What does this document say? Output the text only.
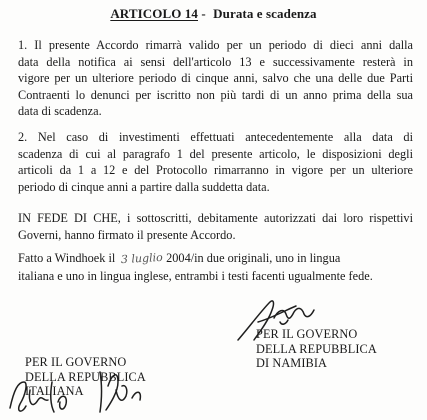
ARTICOLO 14 - Durata e scadenza
1. Il presente Accordo rimarrà valido per un periodo di dieci anni dalla
data della notifica ai sensi dell'articolo 13 e successivamente resterà in
vigore per un ulteriore periodo di cinque anni, salvo che una delle due Parti
Contraenti lo denunci per iscritto non più tardi di un anno prima della sua
data di scadenza.
2. Nel caso di investimenti effettuati antecedentemente alla data di
scadenza di cui al paragrafo 1 del presente articolo, le disposizioni degli
articoli da 1 a 12 e del Protocollo rimarranno in vigore per un ulteriore
periodo di cinque anni a partire dalla suddetta data.
IN FEDE DI CHE, i sottoscritti, debitamente autorizzati dai loro rispettivi
Governi, hanno firmato il presente Accordo.
Fatto a Windhoek il 3 luglio 2004/in due originali, uno in lingua
italiana e uno in lingua inglese, entrambi i testi facenti ugualmente fede.
PER IL GOVERNO
DELLA REPUBBLICA
ITALIANA
PER IL GOVERNO
DELLA REPUBBLICA
DI NAMIBIA
